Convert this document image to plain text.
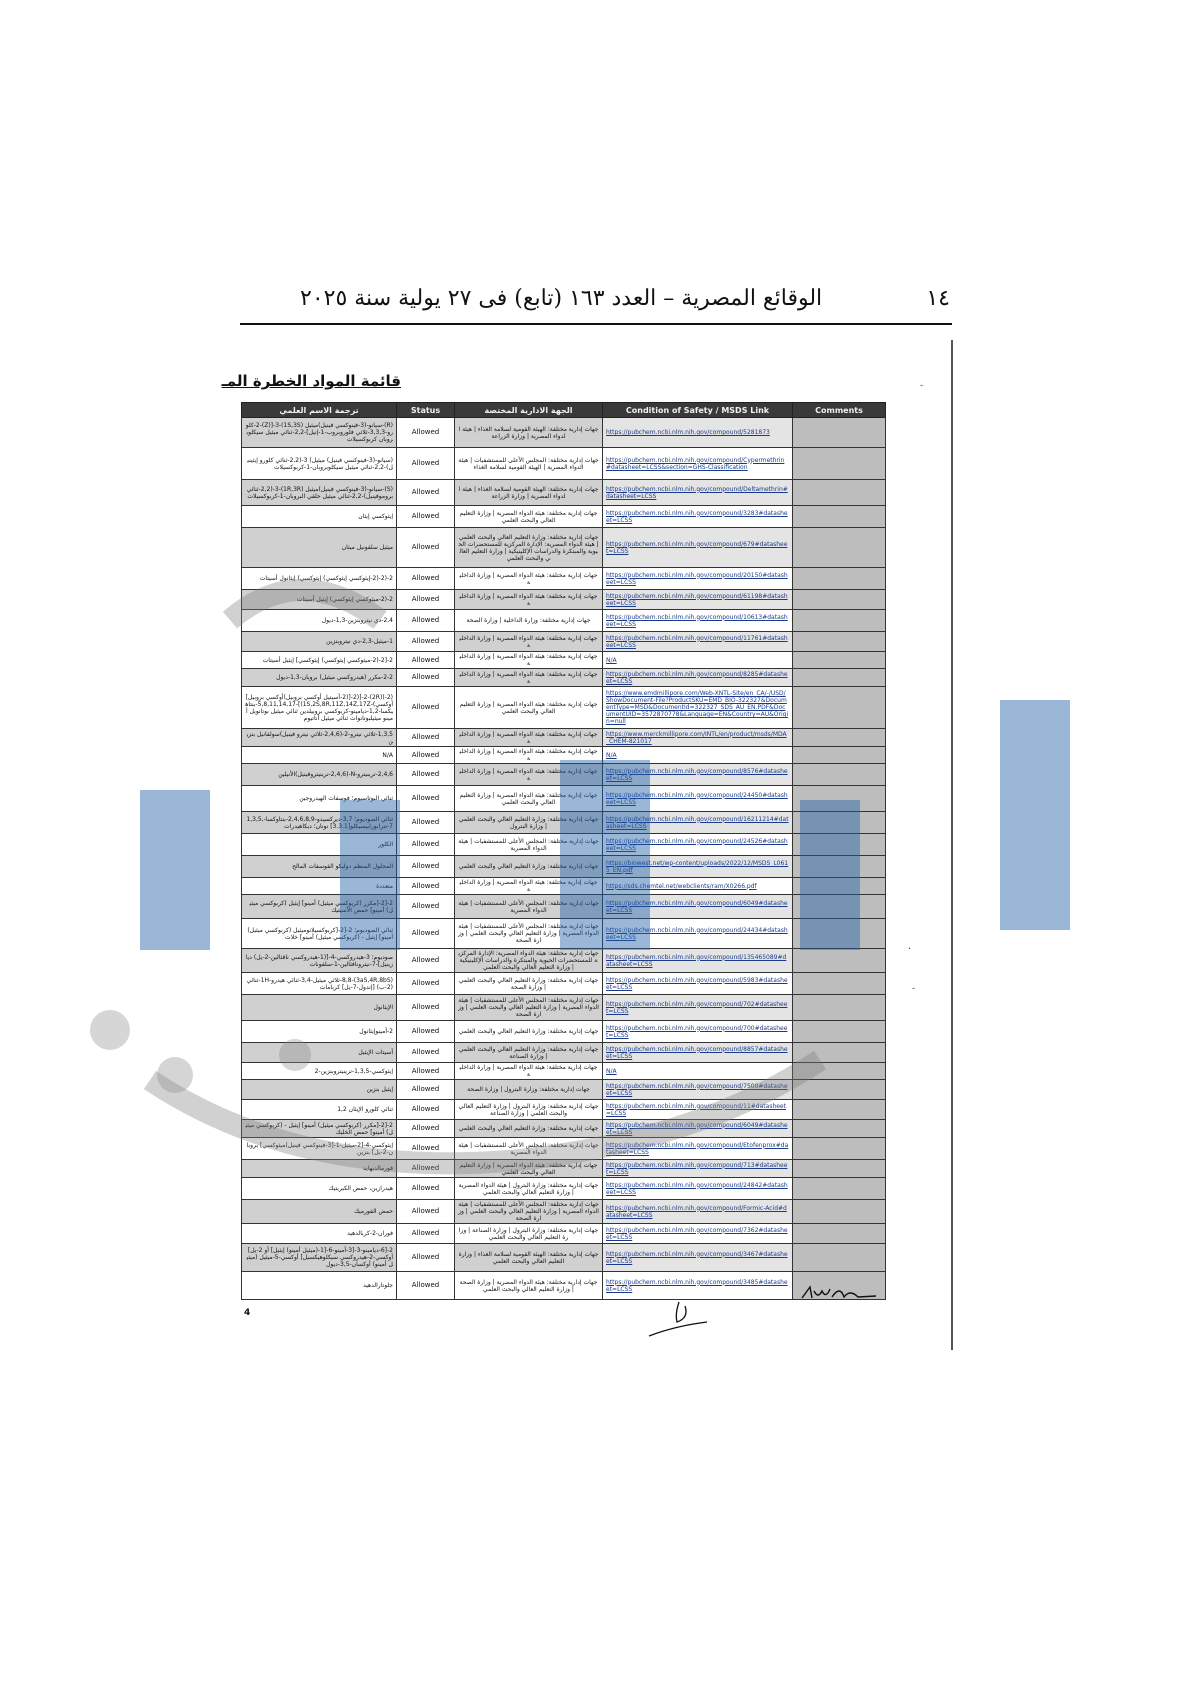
١٤
الوقائع المصرية – العدد ١٦٣ (تابع) فى ٢٧ يولية سنة ٢٠٢٥
قائمة المواد الخطرة المـ
ترجمة الاسم العلمي	Status	الجهة الادارية المختصة	Condition of Safety / MSDS Link	Comments
(R)-سيانو-(3-فينوكسي فينيل)ميثيل (1S,3S)-3-[(Z)-2-كلورو-3,3,3-ثلاثي فلوروبروب-1-إنيل]-2,2-ثنائي ميثيل سيكلوبروبان كربوكسيلات	Allowed	جهات إدارية مختلفة: الهيئة القومية لسلامة الغذاء | هيئة الدواء المصرية | وزارة الزراعة	https://pubchem.ncbi.nlm.nih.gov/compound/5281873	
(سيانو-(3-فينوكسي فينيل) ميثيل) 3-(2,2-ثنائي كلورو إيثينيل)-2,2-ثنائي ميثيل سيكلوبروبان-1-كربوكسيلات	Allowed	جهات إدارية مختلفة: المجلس الأعلى للمستشفيات | هيئة الدواء المصرية | الهيئة القومية لسلامة الغذاء	https://pubchem.ncbi.nlm.nih.gov/compound/Cypermethrin#datasheet=LCSS&section=GHS-Classification	
(S)-سيانو-(3-فينوكسي فينيل)ميثيل (1R,3R)-3-(2,2-ثنائي بروموفينيل)-2,2-ثنائي ميثيل حلقي البروبان-1-كربوكسيلات	Allowed	جهات إدارية مختلفة: الهيئة القومية لسلامة الغذاء | هيئة الدواء المصرية | وزارة الزراعة	https://pubchem.ncbi.nlm.nih.gov/compound/Deltamethrin#datasheet=LCSS	
إيثوكسي إيثان	Allowed	جهات إدارية مختلفة: هيئة الدواء المصرية | وزارة التعليم العالي والبحث العلمي	https://pubchem.ncbi.nlm.nih.gov/compound/3283#datasheet=LCSS	
ميثيل سلفونيل ميثان	Allowed	جهات إدارية مختلفة: وزارة التعليم العالي والبحث العلمي | هيئة الدواء المصرية: الإدارة المركزية للمستحضرات الحيوية والمبتكرة والدراسات الإكلينيكية | وزارة التعليم العالي والبحث العلمي	https://pubchem.ncbi.nlm.nih.gov/compound/679#datasheet=LCSS	
2-(2-(2-إيثوكسي إيثوكسي) إيثوكسي) إيثانول أسيتات	Allowed	جهات إدارية مختلفة: هيئة الدواء المصرية | وزارة الداخلية	https://pubchem.ncbi.nlm.nih.gov/compound/20150#datasheet=LCSS	
2-(2-ميثوكسي إيثوكسي) إيثيل أسيتات	Allowed	جهات إدارية مختلفة: هيئة الدواء المصرية | وزارة الداخلية	https://pubchem.ncbi.nlm.nih.gov/compound/61198#datasheet=LCSS	
2,4-دي نيتروبنزين-1,3-ديول	Allowed	جهات إدارية مختلفة: وزارة الداخلية | وزارة الصحة	https://pubchem.ncbi.nlm.nih.gov/compound/10613#datasheet=LCSS	
1-ميثيل-2,3-دي نيتروبنزين	Allowed	جهات إدارية مختلفة: هيئة الدواء المصرية | وزارة الداخلية	https://pubchem.ncbi.nlm.nih.gov/compound/11761#datasheet=LCSS	
2-[2-(2-ميثوكسي إيثوكسي) إيثوكسي] إيثيل أسيتات	Allowed	جهات إدارية مختلفة: هيئة الدواء المصرية | وزارة الداخلية	N/A	
2-2-مكرر (هيدروكسي ميثيل) بروبان-1,3-ديول	Allowed	جهات إدارية مختلفة: هيئة الدواء المصرية | وزارة الداخلية	https://pubchem.ncbi.nlm.nih.gov/compound/8285#datasheet=LCSS	
(2-((2R)-2-[(2-[(2-أسيتيل أوكسي بروبيل)أوكسي بروبيل]أوكسي)-1S,2S,8R,11Z,14Z,17Z)]-5,8,11,14,17-بنتاهيكسا-1,2-ديامينو-كربوكسي بروبيلدين ثنائي ميثيل بوتانويل أمينو ميثيلبوتانوات ثنائي ميثيل أناتيوم	Allowed	جهات إدارية مختلفة: هيئة الدواء المصرية | وزارة التعليم العالي والبحث العلمي	https://www.emdmillipore.com/Web-XNTL-Site/en_CA/-/USD/ShowDocument-File?ProductSKU=EMD_BIO-322327&DocumentType=MSD&DocumentId=322327_SDS_AU_EN.PDF&DocumentUID=3572870778&Language=EN&Country=AU&Origin=null	
1,3,5-ثلاثي نيترو-2-(2,4,6-ثلاثي نيترو فينيل)سولفانيل بنزين	Allowed	جهات إدارية مختلفة: هيئة الدواء المصرية | وزارة الداخلية	https://www.merckmillipore.com/INTL/en/product/msds/MDA_CHEM-821017	
N/A	Allowed	جهات إدارية مختلفة: هيئة الدواء المصرية | وزارة الداخلية	N/A	
2,4,6-ترينيترو-N-(2,4,6-ترينيتروفينيل)الأنيلين	Allowed	جهات إدارية مختلفة: هيئة الدواء المصرية | وزارة الداخلية	https://pubchem.ncbi.nlm.nih.gov/compound/8576#datasheet=LCSS	
ثنائي البوتاسيوم؛ فوسفات الهيدروجين	Allowed	جهات إدارية مختلفة: هيئة الدواء المصرية | وزارة التعليم العالي والبحث العلمي	https://pubchem.ncbi.nlm.nih.gov/compound/24450#datasheet=LCSS	
ثنائي الصوديوم؛ 3,7-ديركسيدو-2,4,6,8,9-بنتاوكسا-1,3,5,7-تترابورابيسيكلو[3.3.1] نونان؛ ديكاهيدرات	Allowed	جهات إدارية مختلفة: وزارة التعليم العالي والبحث العلمي | وزارة البترول	https://pubchem.ncbi.nlm.nih.gov/compound/16211214#datasheet=LCSS	
الكلور	Allowed	جهات إدارية مختلفة: المجلس الأعلى للمستشفيات | هيئة الدواء المصرية	https://pubchem.ncbi.nlm.nih.gov/compound/24526#datasheet=LCSS	
المحلول المنظم دوليكو الفوسفات المالح	Allowed	جهات إدارية مختلفة: وزارة التعليم العالي والبحث العلمي	https://biowest.net/wp-content/uploads/2022/12/MSDS_L0615_EN.pdf	
متعددة	Allowed	جهات إدارية مختلفة: هيئة الدواء المصرية | وزارة الداخلية	https://sds.chemtel.net/webclients/ram/X0266.pdf	
2-[2-[مكرر (كربوكسي ميثيل) أمينو] إيثيل (كربوكسي ميثيل) أمينو] حمض الأسيتيك	Allowed	جهات إدارية مختلفة: المجلس الأعلى للمستشفيات | هيئة الدواء المصرية	https://pubchem.ncbi.nlm.nih.gov/compound/6049#datasheet=LCSS	
ثنائي الصوديوم؛ 2-[2-[كربوكسيلاتوميثيل (كربوكسي ميثيل) أمينو] إيثيل - (كربوكسي ميثيل) أمينو] خلات	Allowed	جهات إدارية مختلفة: المجلس الأعلى للمستشفيات | هيئة الدواء المصرية | وزارة التعليم العالي والبحث العلمي | وزارة الصحة	https://pubchem.ncbi.nlm.nih.gov/compound/24434#datasheet=LCSS	
صوديوم؛ 3-هيدروكسي-4-[(1-هيدروكسي نافثالين-2-يل) ديازينيل]-7-نيترونافثالين-1-سلفونات	Allowed	جهات إدارية مختلفة: هيئة الدواء المصرية: الإدارة المركزية للمستحضرات الحيوية والمبتكرة والدراسات الإكلينيكية | وزارة التعليم العالي والبحث العلمي	https://pubchem.ncbi.nlm.nih.gov/compound/135465089#datasheet=LCSS	
(3aS,4R,8bS)-8,8-ثلاثي ميثيل-3,4-ثنائي هيدرو-1H-ثنائي (2-ب) [إندول-7-يل] كربامات	Allowed	جهات إدارية مختلفة: وزارة التعليم العالي والبحث العلمي | وزارة الصحة	https://pubchem.ncbi.nlm.nih.gov/compound/5983#datasheet=LCSS	
الإيثانول	Allowed	جهات إدارية مختلفة: المجلس الأعلى للمستشفيات | هيئة الدواء المصرية | وزارة التعليم العالي والبحث العلمي | وزارة الصحة	https://pubchem.ncbi.nlm.nih.gov/compound/702#datasheet=LCSS	
2-أمينوإيثانول	Allowed	جهات إدارية مختلفة: وزارة التعليم العالي والبحث العلمي	https://pubchem.ncbi.nlm.nih.gov/compound/700#datasheet=LCSS	
أسيتات الإيثيل	Allowed	جهات إدارية مختلفة: وزارة التعليم العالي والبحث العلمي | وزارة الصناعة	https://pubchem.ncbi.nlm.nih.gov/compound/8857#datasheet=LCSS	
إيثوكسي-1,3,5-ترينيتروبنزين-2	Allowed	جهات إدارية مختلفة: هيئة الدواء المصرية | وزارة الداخلية	N/A	
إيثيل بنزين	Allowed	جهات إدارية مختلفة: وزارة البترول | وزارة الصحة	https://pubchem.ncbi.nlm.nih.gov/compound/7500#datasheet=LCSS	
ثنائي كلورو الإيثان 1,2	Allowed	جهات إدارية مختلفة: وزارة البترول | وزارة التعليم العالي والبحث العلمي | وزارة الصناعة	https://pubchem.ncbi.nlm.nih.gov/compound/11#datasheet=LCSS	
2-[2-[مكرر (كربوكسي ميثيل) أمينو] إيثيل - (كربوكسي ميثيل) أمينو] حمض الخليك	Allowed	جهات إدارية مختلفة: وزارة التعليم العالي والبحث العلمي	https://pubchem.ncbi.nlm.nih.gov/compound/6049#datasheet=LCSS	
إيثوكسي-4-[2-ميثيل-1-[3-فينوكسي فينيل)ميثوكسي] بروبان-2-يل] بنزين	Allowed	جهات إدارية مختلفة: المجلس الأعلى للمستشفيات | هيئة الدواء المصرية	https://pubchem.ncbi.nlm.nih.gov/compound/Etofenprox#datasheet=LCSS	
فورمالديهايد	Allowed	جهات إدارية مختلفة: هيئة الدواء المصرية | وزارة التعليم العالي والبحث العلمي	https://pubchem.ncbi.nlm.nih.gov/compound/713#datasheet=LCSS	
هيدرازين، حمض الكبريتيك	Allowed	جهات إدارية مختلفة: وزارة البترول | هيئة الدواء المصرية | وزارة التعليم العالي والبحث العلمي	https://pubchem.ncbi.nlm.nih.gov/compound/24842#datasheet=LCSS	
حمض الفورميك	Allowed	جهات إدارية مختلفة: المجلس الأعلى للمستشفيات | هيئة الدواء المصرية | وزارة التعليم العالي والبحث العلمي | وزارة الصحة	https://pubchem.ncbi.nlm.nih.gov/compound/Formic-Acid#datasheet=LCSS	
فوران-2-كربالدهيد	Allowed	جهات إدارية مختلفة: وزارة البترول | وزارة الصناعة | وزارة التعليم العالي والبحث العلمي	https://pubchem.ncbi.nlm.nih.gov/compound/7362#datasheet=LCSS	
2-[6-ديامينو-3-[3-أمينو-6-[1-(ميثيل أمينو) إيثيل] أو 2-يل] أوكسي-2-هيدروكسي سيكلوهيكسيل] أوكسي-5-ميثيل (ميثيل أمينو) أوكسان-3,5-ديول	Allowed	جهات إدارية مختلفة: الهيئة القومية لسلامة الغذاء | وزارة التعليم العالي والبحث العلمي	https://pubchem.ncbi.nlm.nih.gov/compound/3467#datasheet=LCSS	
جلوتارالدهيد	Allowed	جهات إدارية مختلفة: هيئة الدواء المصرية | وزارة الصحة | وزارة التعليم العالي والبحث العلمي	https://pubchem.ncbi.nlm.nih.gov/compound/3485#datasheet=LCSS	
4
˗
·
˗
